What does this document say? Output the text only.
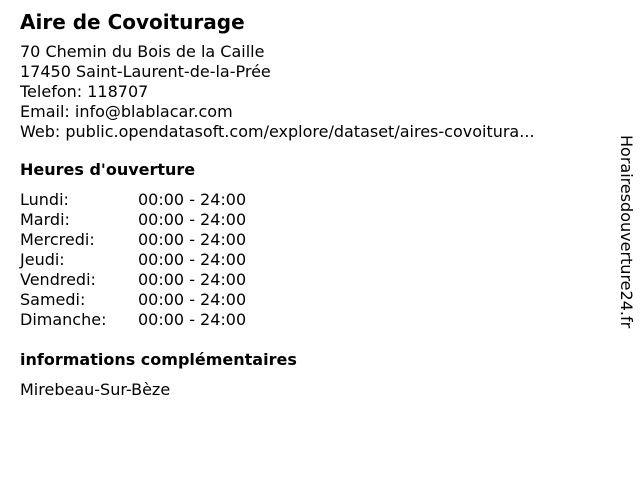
Aire de Covoiturage
70 Chemin du Bois de la Caille
17450 Saint-Laurent-de-la-Prée
Telefon: 118707
Email: info@blablacar.com
Web: public.opendatasoft.com/explore/dataset/aires-covoitura...
Heures d'ouverture
Lundi:	00:00 - 24:00
Mardi:	00:00 - 24:00
Mercredi:	00:00 - 24:00
Jeudi:	00:00 - 24:00
Vendredi:	00:00 - 24:00
Samedi:	00:00 - 24:00
Dimanche:	00:00 - 24:00
informations complémentaires
Mirebeau-Sur-Bèze
Horairesdouverture24.fr
